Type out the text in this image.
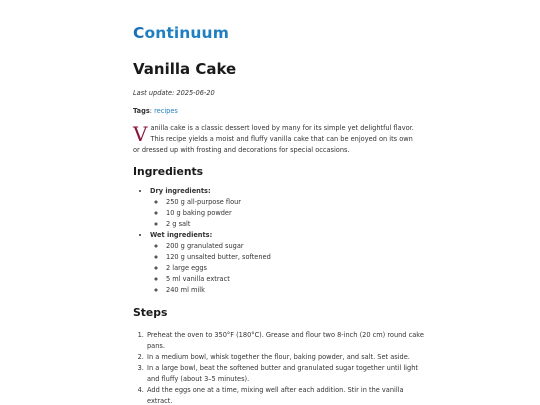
Continuum
Vanilla Cake
Last update: 2025-06-20
Tags: recipes

Vanilla cake is a classic dessert loved by many for its simple yet delightful flavor. This recipe yields a moist and fluffy vanilla cake that can be enjoyed on its own or dressed up with frosting and decorations for special occasions.

Ingredients
• Dry ingredients:
◦ 250 g all-purpose flour
◦ 10 g baking powder
◦ 2 g salt
• Wet ingredients:
◦ 200 g granulated sugar
◦ 120 g unsalted butter, softened
◦ 2 large eggs
◦ 5 ml vanilla extract
◦ 240 ml milk
Steps
1. Preheat the oven to 350°F (180°C). Grease and flour two 8-inch (20 cm) round cake pans.
2. In a medium bowl, whisk together the flour, baking powder, and salt. Set aside.
3. In a large bowl, beat the softened butter and granulated sugar together until light and fluffy (about 3–5 minutes).
4. Add the eggs one at a time, mixing well after each addition. Stir in the vanilla extract.
